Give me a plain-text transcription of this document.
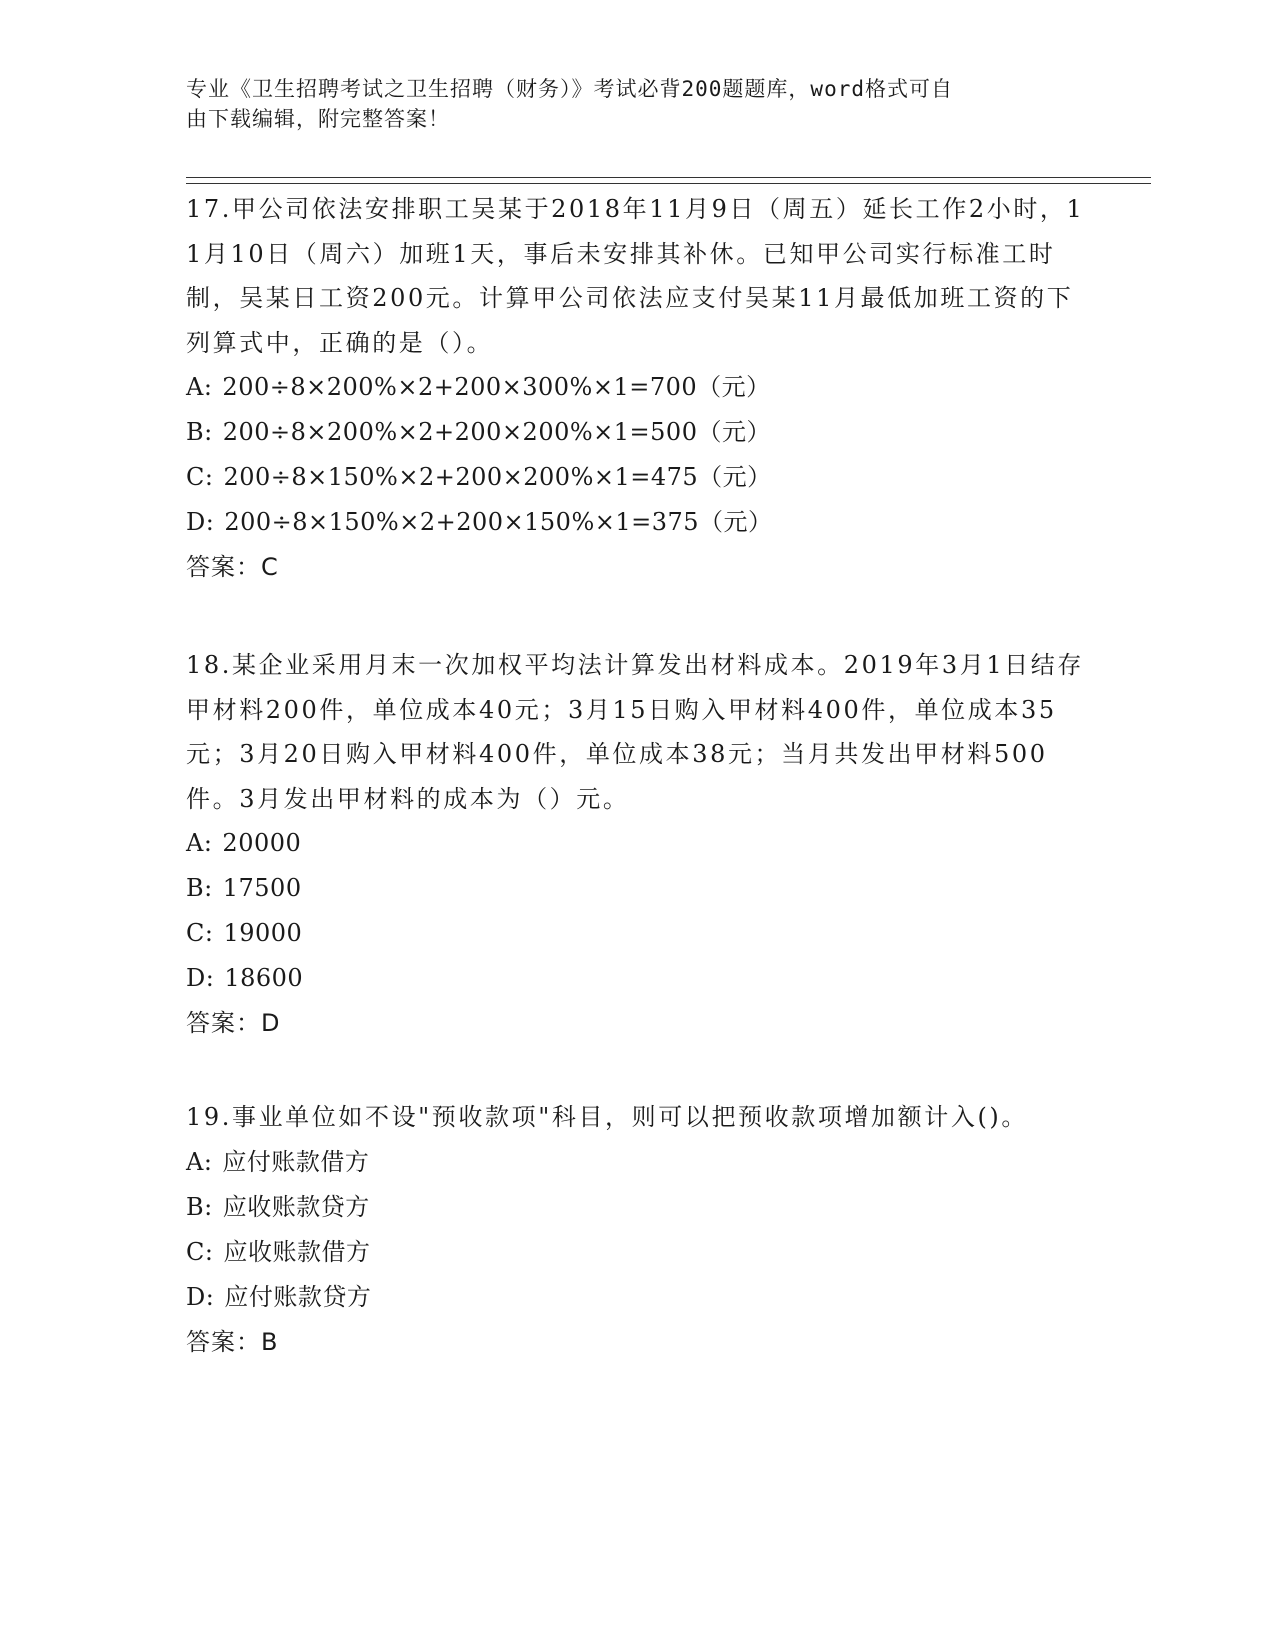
专业《卫生招聘考试之卫生招聘（财务）》考试必背200题题库，word格式可自
由下载编辑，附完整答案！
17.甲公司依法安排职工吴某于2018年11月9日（周五）延长工作2小时，11月10日（周六）加班1天，事后未安排其补休。已知甲公司实行标准工时制，吴某日工资200元。计算甲公司依法应支付吴某11月最低加班工资的下列算式中，正确的是（）。
A: 200÷8×200%×2+200×300%×1=700（元）
B: 200÷8×200%×2+200×200%×1=500（元）
C: 200÷8×150%×2+200×200%×1=475（元）
D: 200÷8×150%×2+200×150%×1=375（元）
答案：C
18.某企业采用月末一次加权平均法计算发出材料成本。2019年3月1日结存甲材料200件，单位成本40元；3月15日购入甲材料400件，单位成本35元；3月20日购入甲材料400件，单位成本38元；当月共发出甲材料500件。3月发出甲材料的成本为（）元。
A: 20000
B: 17500
C: 19000
D: 18600
答案：D
19.事业单位如不设"预收款项"科目，则可以把预收款项增加额计入()。
A: 应付账款借方
B: 应收账款贷方
C: 应收账款借方
D: 应付账款贷方
答案：B
